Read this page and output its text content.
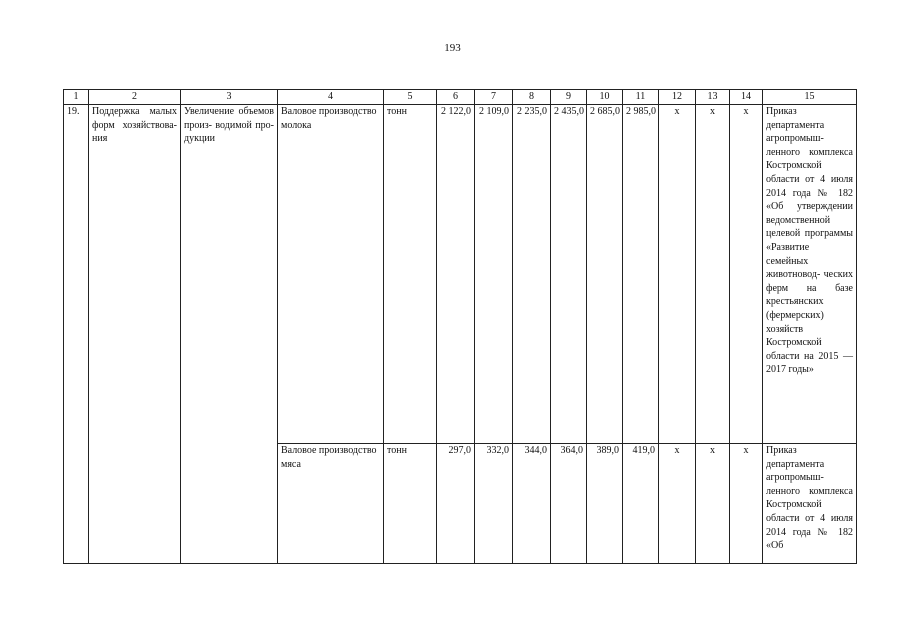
193
1	2	3	4	5	6	7	8	9	10	11	12	13	14	15
19.	Поддержка малых форм хозяйствова- ния	Увеличение объемов произ- водимой про- дукции	Валовое производство молока	тонн	2 122,0	2 109,0	2 235,0	2 435,0	2 685,0	2 985,0	x	x	x	Приказ департамента агропромыш- ленного комплекса Костромской области от 4 июля 2014 года № 182 «Об утверждении ведомственной целевой программы «Развитие семейных животновод- ческих ферм на базе крестьянских (фермерских) хозяйств Костромской области на 2015 — 2017 годы»

			Валовое производство мяса	тонн	297,0	332,0	344,0	364,0	389,0	419,0	x	x	x	Приказ департамента агропромыш- ленного комплекса Костромской области от 4 июля 2014 года № 182 «Об
